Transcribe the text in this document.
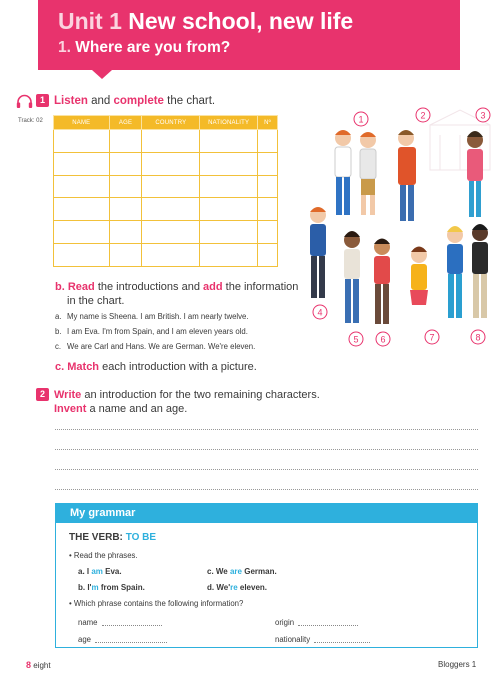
Unit 1 New school, new life
1. Where are you from?
1 Listen and complete the chart.
Track: 02	NAME	AGE	COUNTRY	NATIONALITY	Nº

b. Read the introductions and add the information
in the chart.
a. My name is Sheena. I am British. I am nearly twelve.
b. I am Eva. I'm from Spain, and I am eleven years old.
c. We are Carl and Hans. We are German. We're eleven.
c. Match each introduction with a picture.
2 Write an introduction for the two remaining characters.
Invent a name and an age.
My grammar
THE VERB: TO BE
• Read the phrases.
a. I am Eva.
b. I'm from Spain.
c. We are German.
d. We're eleven.
• Which phrase contains the following information?
name	origin
age	nationality
8 eight	Bloggers 1
1	2	3
4
5 6	7	8
